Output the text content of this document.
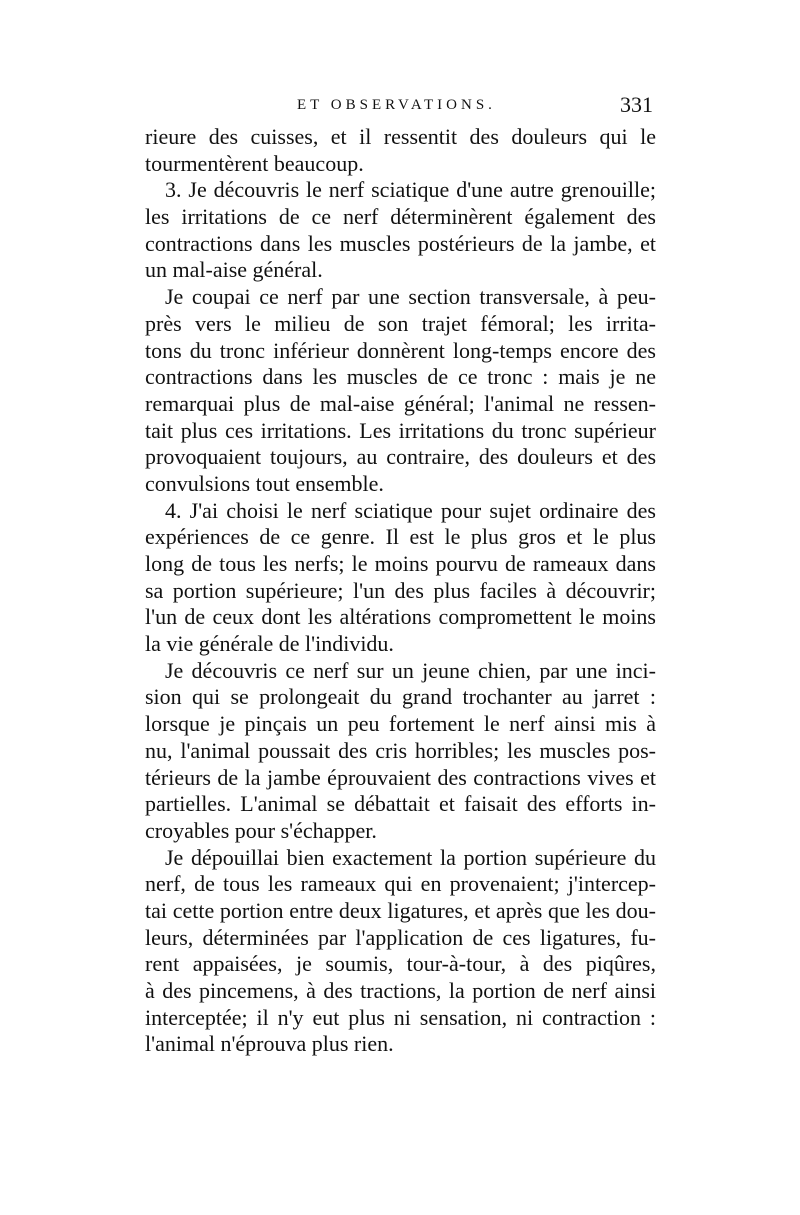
ET OBSERVATIONS.	331
rieure des cuisses, et il ressentit des douleurs qui le
tourmentèrent beaucoup.
3. Je découvris le nerf sciatique d'une autre grenouille;
les irritations de ce nerf déterminèrent également des
contractions dans les muscles postérieurs de la jambe, et
un mal-aise général.
Je coupai ce nerf par une section transversale, à peu-
près vers le milieu de son trajet fémoral; les irrita-
tons du tronc inférieur donnèrent long-temps encore des
contractions dans les muscles de ce tronc : mais je ne
remarquai plus de mal-aise général; l'animal ne ressen-
tait plus ces irritations. Les irritations du tronc supérieur
provoquaient toujours, au contraire, des douleurs et des
convulsions tout ensemble.
4. J'ai choisi le nerf sciatique pour sujet ordinaire des
expériences de ce genre. Il est le plus gros et le plus
long de tous les nerfs; le moins pourvu de rameaux dans
sa portion supérieure; l'un des plus faciles à découvrir;
l'un de ceux dont les altérations compromettent le moins
la vie générale de l'individu.
Je découvris ce nerf sur un jeune chien, par une inci-
sion qui se prolongeait du grand trochanter au jarret :
lorsque je pinçais un peu fortement le nerf ainsi mis à
nu, l'animal poussait des cris horribles; les muscles pos-
térieurs de la jambe éprouvaient des contractions vives et
partielles. L'animal se débattait et faisait des efforts in-
croyables pour s'échapper.
Je dépouillai bien exactement la portion supérieure du
nerf, de tous les rameaux qui en provenaient; j'intercep-
tai cette portion entre deux ligatures, et après que les dou-
leurs, déterminées par l'application de ces ligatures, fu-
rent appaisées, je soumis, tour-à-tour, à des piqûres,
à des pincemens, à des tractions, la portion de nerf ainsi
interceptée; il n'y eut plus ni sensation, ni contraction :
l'animal n'éprouva plus rien.
